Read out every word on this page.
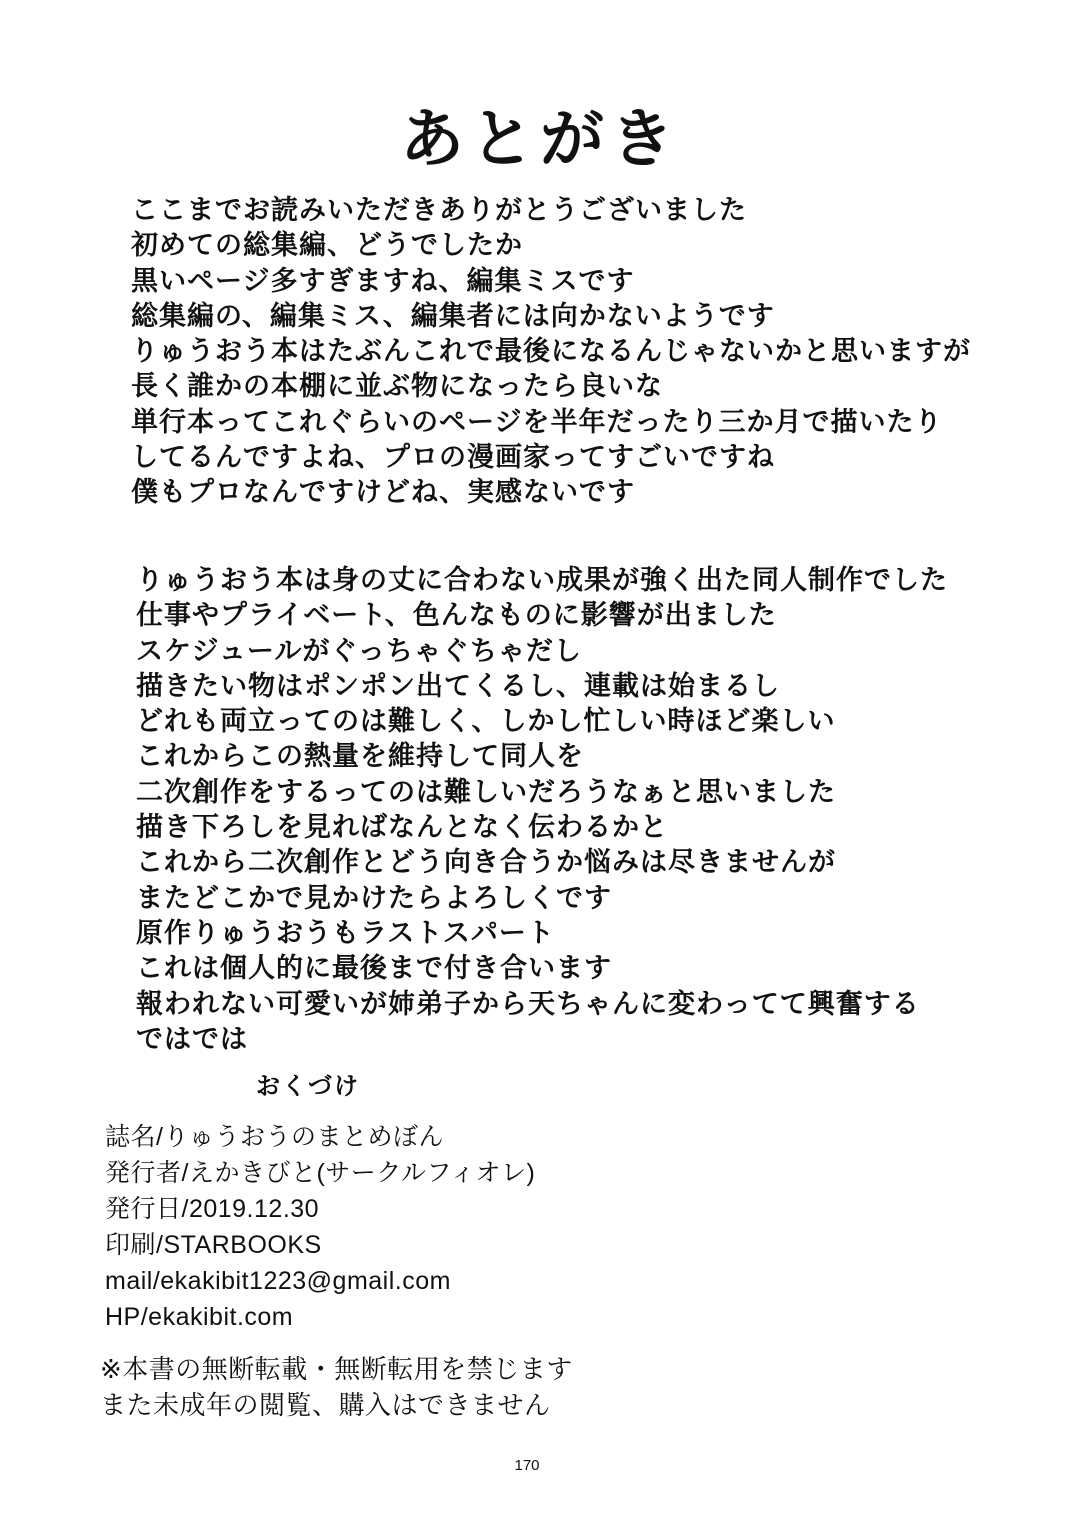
あとがき
ここまでお読みいただきありがとうございました
初めての総集編、どうでしたか
黒いページ多すぎますね、編集ミスです
総集編の、編集ミス、編集者には向かないようです
りゅうおう本はたぶんこれで最後になるんじゃないかと思いますが
長く誰かの本棚に並ぶ物になったら良いな
単行本ってこれぐらいのページを半年だったり三か月で描いたり
してるんですよね、プロの漫画家ってすごいですね
僕もプロなんですけどね、実感ないです
りゅうおう本は身の丈に合わない成果が強く出た同人制作でした
仕事やプライベート、色んなものに影響が出ました
スケジュールがぐっちゃぐちゃだし
描きたい物はポンポン出てくるし、連載は始まるし
どれも両立ってのは難しく、しかし忙しい時ほど楽しい
これからこの熱量を維持して同人を
二次創作をするってのは難しいだろうなぁと思いました
描き下ろしを見ればなんとなく伝わるかと
これから二次創作とどう向き合うか悩みは尽きませんが
またどこかで見かけたらよろしくです
原作りゅうおうもラストスパート
これは個人的に最後まで付き合います
報われない可愛いが姉弟子から天ちゃんに変わってて興奮する
ではでは
おくづけ
誌名/りゅうおうのまとめぼん
発行者/えかきびと(サークルフィオレ)
発行日/2019.12.30
印刷/STARBOOKS
mail/ekakibit1223@gmail.com
HP/ekakibit.com
※本書の無断転載・無断転用を禁じます
また未成年の閲覧、購入はできません
170
